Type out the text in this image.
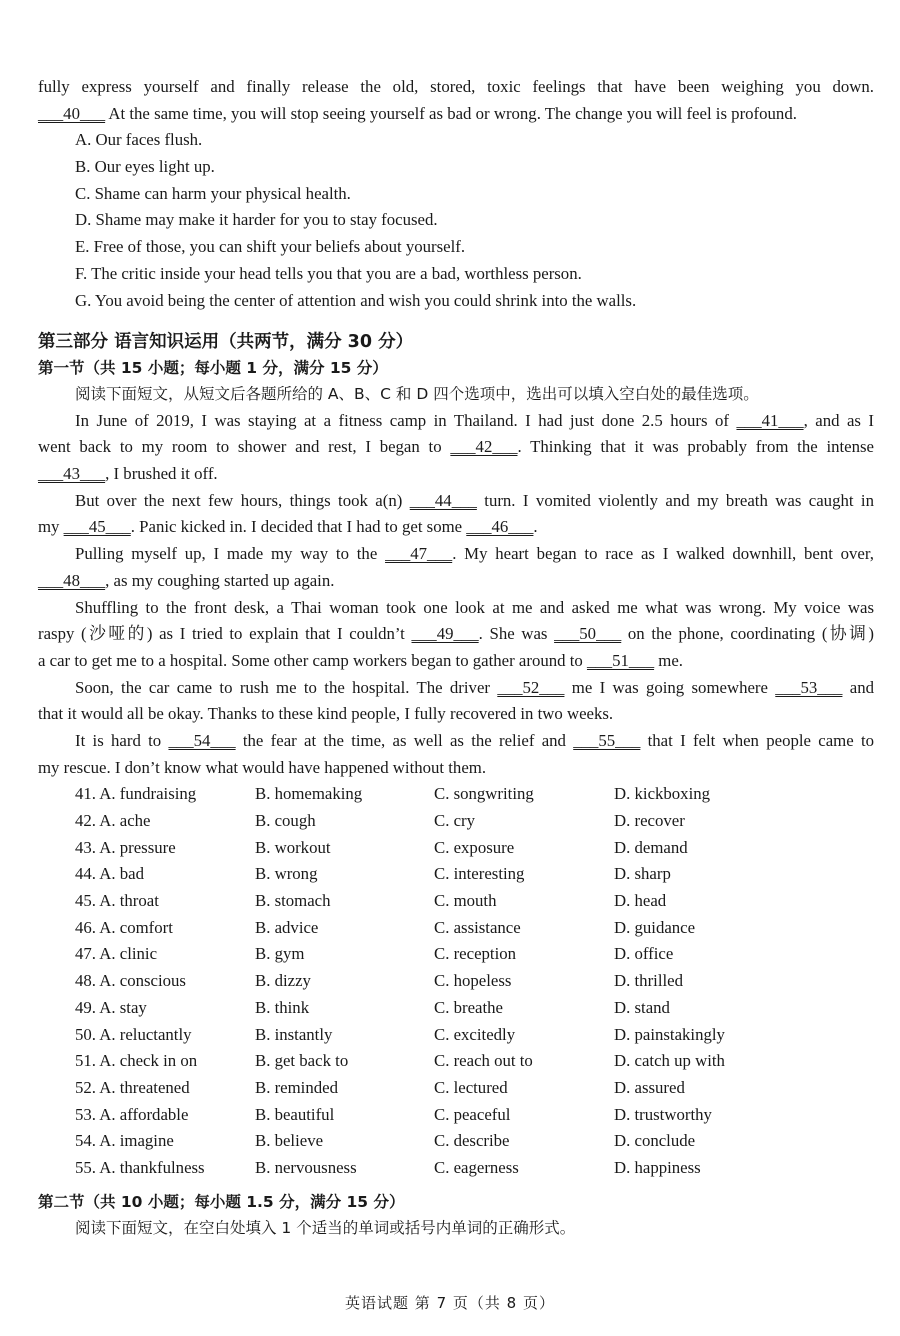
fully express yourself and finally release the old, stored, toxic feelings that have been weighing you down.
___40___ At the same time, you will stop seeing yourself as bad or wrong. The change you will feel is profound.
A. Our faces flush.
B. Our eyes light up.
C. Shame can harm your physical health.
D. Shame may make it harder for you to stay focused.
E. Free of those, you can shift your beliefs about yourself.
F. The critic inside your head tells you that you are a bad, worthless person.
G. You avoid being the center of attention and wish you could shrink into the walls.
第三部分 语言知识运用（共两节，满分 30 分）
第一节（共 15 小题；每小题 1 分，满分 15 分）
阅读下面短文，从短文后各题所给的 A、B、C 和 D 四个选项中，选出可以填入空白处的最佳选项。
In June of 2019, I was staying at a fitness camp in Thailand. I had just done 2.5 hours of ___41___, and as I
went back to my room to shower and rest, I began to ___42___. Thinking that it was probably from the intense
___43___, I brushed it off.
But over the next few hours, things took a(n) ___44___ turn. I vomited violently and my breath was caught in
my ___45___. Panic kicked in. I decided that I had to get some ___46___.
Pulling myself up, I made my way to the ___47___. My heart began to race as I walked downhill, bent over,
___48___, as my coughing started up again.
Shuffling to the front desk, a Thai woman took one look at me and asked me what was wrong. My voice was
raspy (沙哑的) as I tried to explain that I couldn’t ___49___. She was ___50___ on the phone, coordinating (协调)
a car to get me to a hospital. Some other camp workers began to gather around to ___51___ me.
Soon, the car came to rush me to the hospital. The driver ___52___ me I was going somewhere ___53___ and
that it would all be okay. Thanks to these kind people, I fully recovered in two weeks.
It is hard to ___54___ the fear at the time, as well as the relief and ___55___ that I felt when people came to
my rescue. I don’t know what would have happened without them.
41. A. fundraising	B. homemaking	C. songwriting	D. kickboxing
42. A. ache	B. cough	C. cry	D. recover
43. A. pressure	B. workout	C. exposure	D. demand
44. A. bad	B. wrong	C. interesting	D. sharp
45. A. throat	B. stomach	C. mouth	D. head
46. A. comfort	B. advice	C. assistance	D. guidance
47. A. clinic	B. gym	C. reception	D. office
48. A. conscious	B. dizzy	C. hopeless	D. thrilled
49. A. stay	B. think	C. breathe	D. stand
50. A. reluctantly	B. instantly	C. excitedly	D. painstakingly
51. A. check in on	B. get back to	C. reach out to	D. catch up with
52. A. threatened	B. reminded	C. lectured	D. assured
53. A. affordable	B. beautiful	C. peaceful	D. trustworthy
54. A. imagine	B. believe	C. describe	D. conclude
55. A. thankfulness	B. nervousness	C. eagerness	D. happiness
第二节（共 10 小题；每小题 1.5 分，满分 15 分）
阅读下面短文，在空白处填入 1 个适当的单词或括号内单词的正确形式。
英语试题 第 7 页（共 8 页）
